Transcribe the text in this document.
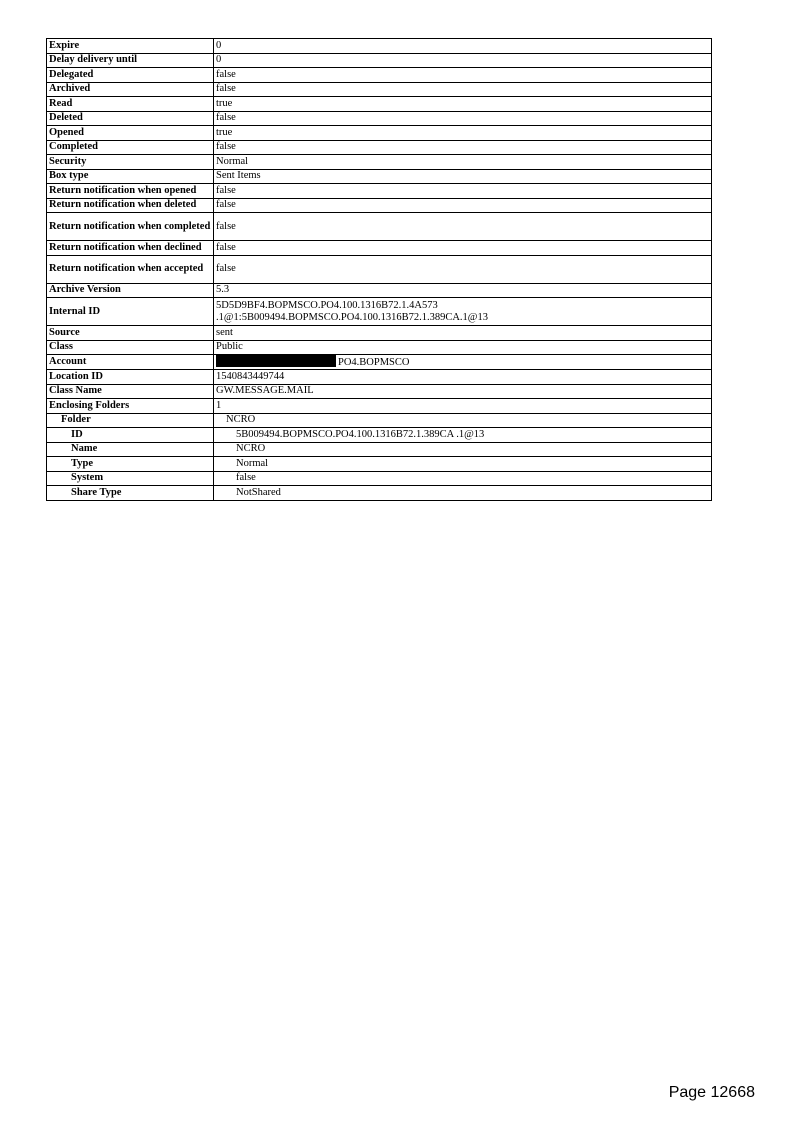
Expire	0
Delay delivery until	0
Delegated	false
Archived	false
Read	true
Deleted	false
Opened	true
Completed	false
Security	Normal
Box type	Sent Items
Return notification when opened	false
Return notification when deleted	false
Return notification when completed	false
Return notification when declined	false
Return notification when accepted	false
Archive Version	5.3
Internal ID	5D5D9BF4.BOPMSCO.PO4.100.1316B72.1.4A573 .1@1:5B009494.BOPMSCO.PO4.100.1316B72.1.389CA.1@13
Source	sent
Class	Public
Account	PO4.BOPMSCO
Location ID	1540843449744
Class Name	GW.MESSAGE.MAIL
Enclosing Folders	1
Folder	NCRO
ID	5B009494.BOPMSCO.PO4.100.1316B72.1.389CA .1@13
Name	NCRO
Type	Normal
System	false
Share Type	NotShared
Page 12668
